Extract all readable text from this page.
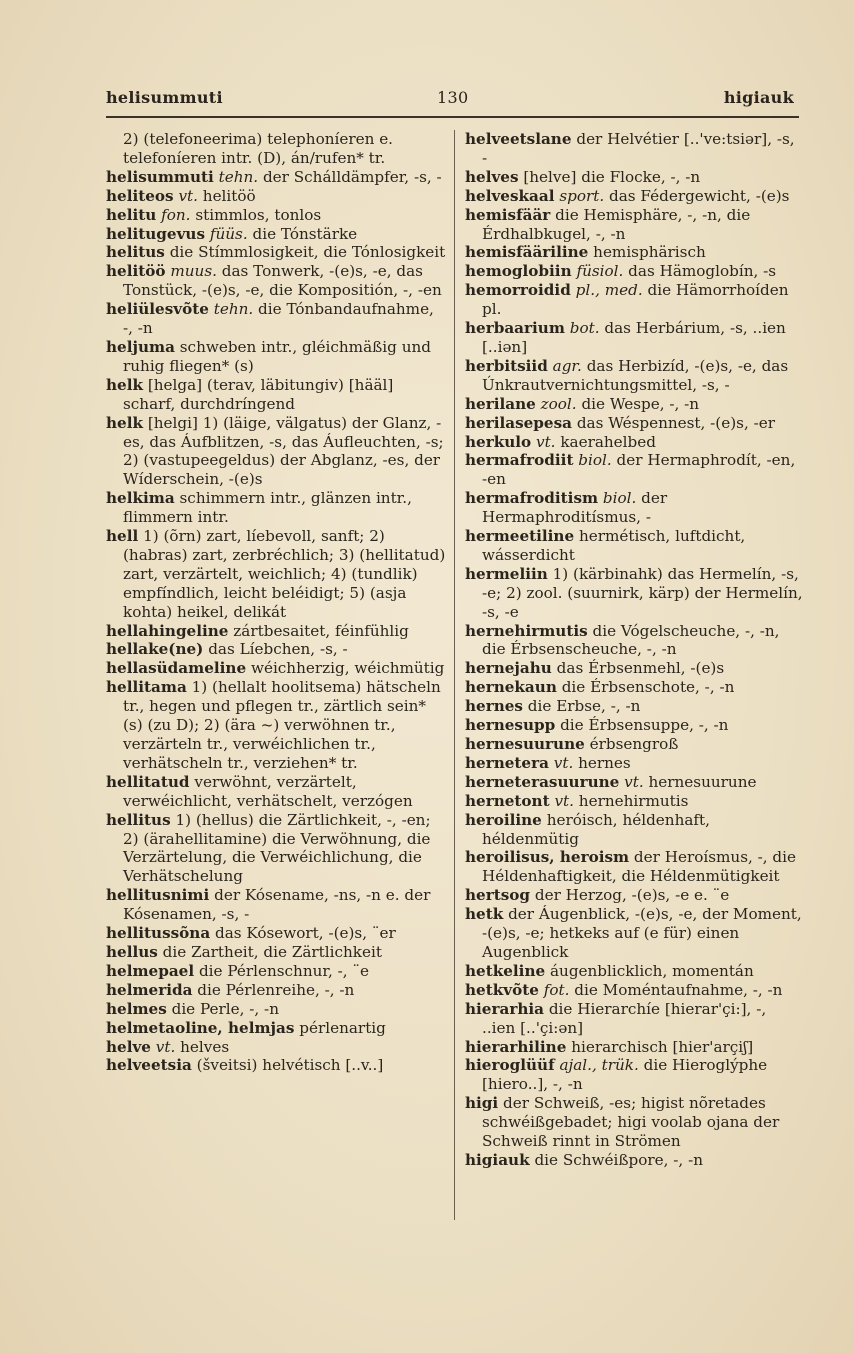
helisummuti	130	higiauk

2) (telefoneerima) telephoníeren e. telefoníeren intr. (D), án/rufen* tr.

helisummuti tehn. der Schálldämpfer, -s, -

heliteos vt. helitöö

helitu fon. stimmlos, tonlos

helitugevus füüs. die Tónstärke

helitus die Stímmlosigkeit, die Tónlosigkeit

helitöö muus. das Tonwerk, -(e)s, -e, das Tonstück, -(e)s, -e, die Kompositión, -, -en

heliülesvõte tehn. die Tónbandaufnahme, -, -n

heljuma schweben intr., gléichmäßig und ruhig fliegen* (s)

helk [helga] (terav, läbitungiv) [hääl] scharf, durchdríngend

helk [helgi] 1) (läige, välgatus) der Glanz, -es, das Áufblitzen, -s, das Áufleuchten, -s; 2) (vastupeegeldus) der Abglanz, -es, der Wíderschein, -(e)s

helkima schimmern intr., glänzen intr., flimmern intr.

hell 1) (õrn) zart, líebevoll, sanft; 2) (habras) zart, zerbréchlich; 3) (hellitatud) zart, verzärtelt, weichlich; 4) (tundlik) empfíndlich, leicht beléidigt; 5) (asja kohta) heikel, delikát

hellahingeline zártbesaitet, féinfühlig

hellake(ne) das Líebchen, -s, -

hellasüdameline wéichherzig, wéichmütig

hellitama 1) (hellalt hoolitsema) hätscheln tr., hegen und pflegen tr., zärtlich sein* (s) (zu D); 2) (ära ~) verwöhnen tr., verzärteln tr., verwéichlichen tr., verhätscheln tr., verziehen* tr.

hellitatud verwöhnt, verzärtelt, verwéichlicht, verhätschelt, verzógen

hellitus 1) (hellus) die Zärtlichkeit, -, -en; 2) (ärahellitamine) die Verwöhnung, die Verzärtelung, die Verwéichlichung, die Verhätschelung

hellitusnimi der Kósename, -ns, -n e. der Kósenamen, -s, -

hellitussõna das Kósewort, -(e)s, ¨er

hellus die Zartheit, die Zärtlichkeit

helmepael die Pérlenschnur, -, ¨e

helmerida die Pérlenreihe, -, -n

helmes die Perle, -, -n

helmetaoline, helmjas pérlenartig

helve vt. helves

helveetsia (šveitsi) helvétisch [..v..]

helveetslane der Helvétier [..'ve:tsiər], -s, -

helves [helve] die Flocke, -, -n

helveskaal sport. das Fédergewicht, -(e)s

hemisfäär die Hemisphäre, -, -n, die Érdhalbkugel, -, -n

hemisfääriline hemisphärisch

hemoglobiin füsiol. das Hämoglobín, -s

hemorroidid pl., med. die Hämorrhoíden pl.

herbaarium bot. das Herbárium, -s, ..ien [..iən]

herbitsiid agr. das Herbizíd, -(e)s, -e, das Únkrautvernichtungsmittel, -s, -

herilane zool. die Wespe, -, -n

herilasepesa das Wéspennest, -(e)s, -er

herkulo vt. kaerahelbed

hermafrodiit biol. der Hermaphrodít, -en, -en

hermafroditism biol. der Hermaphroditísmus, -

hermeetiline hermétisch, luftdicht, wásserdicht

hermeliin 1) (kärbinahk) das Hermelín, -s, -e; 2) zool. (suurnirk, kärp) der Hermelín, -s, -e

hernehirmutis die Vógelscheuche, -, -n, die Érbsenscheuche, -, -n

hernejahu das Érbsenmehl, -(e)s

hernekaun die Érbsenschote, -, -n

hernes die Erbse, -, -n

hernesupp die Érbsensuppe, -, -n

hernesuurune érbsengroß

hernetera vt. hernes

herneterasuurune vt. hernesuurune

hernetont vt. hernehirmutis

heroiline heróisch, héldenhaft, héldenmütig

heroilisus, heroism der Heroísmus, -, die Héldenhaftigkeit, die Héldenmütigkeit

hertsog der Herzog, -(e)s, -e e. ¨e

hetk der Áugenblick, -(e)s, -e, der Moment, -(e)s, -e; hetkeks auf (e für) einen Augenblick

hetkeline áugenblicklich, momentán

hetkvõte fot. die Moméntaufnahme, -, -n

hierarhia die Hierarchíe [hierar'çi:], -, ..ien [..'çi:ən]

hierarhiline hierarchisch [hier'arçiʃ]

hieroglüüf ajal., trük. die Hieroglýphe [hiero..], -, -n

higi der Schweiß, -es; higist nõretades schwéißgebadet; higi voolab ojana der Schweiß rinnt in Strömen

higiauk die Schwéißpore, -, -n
